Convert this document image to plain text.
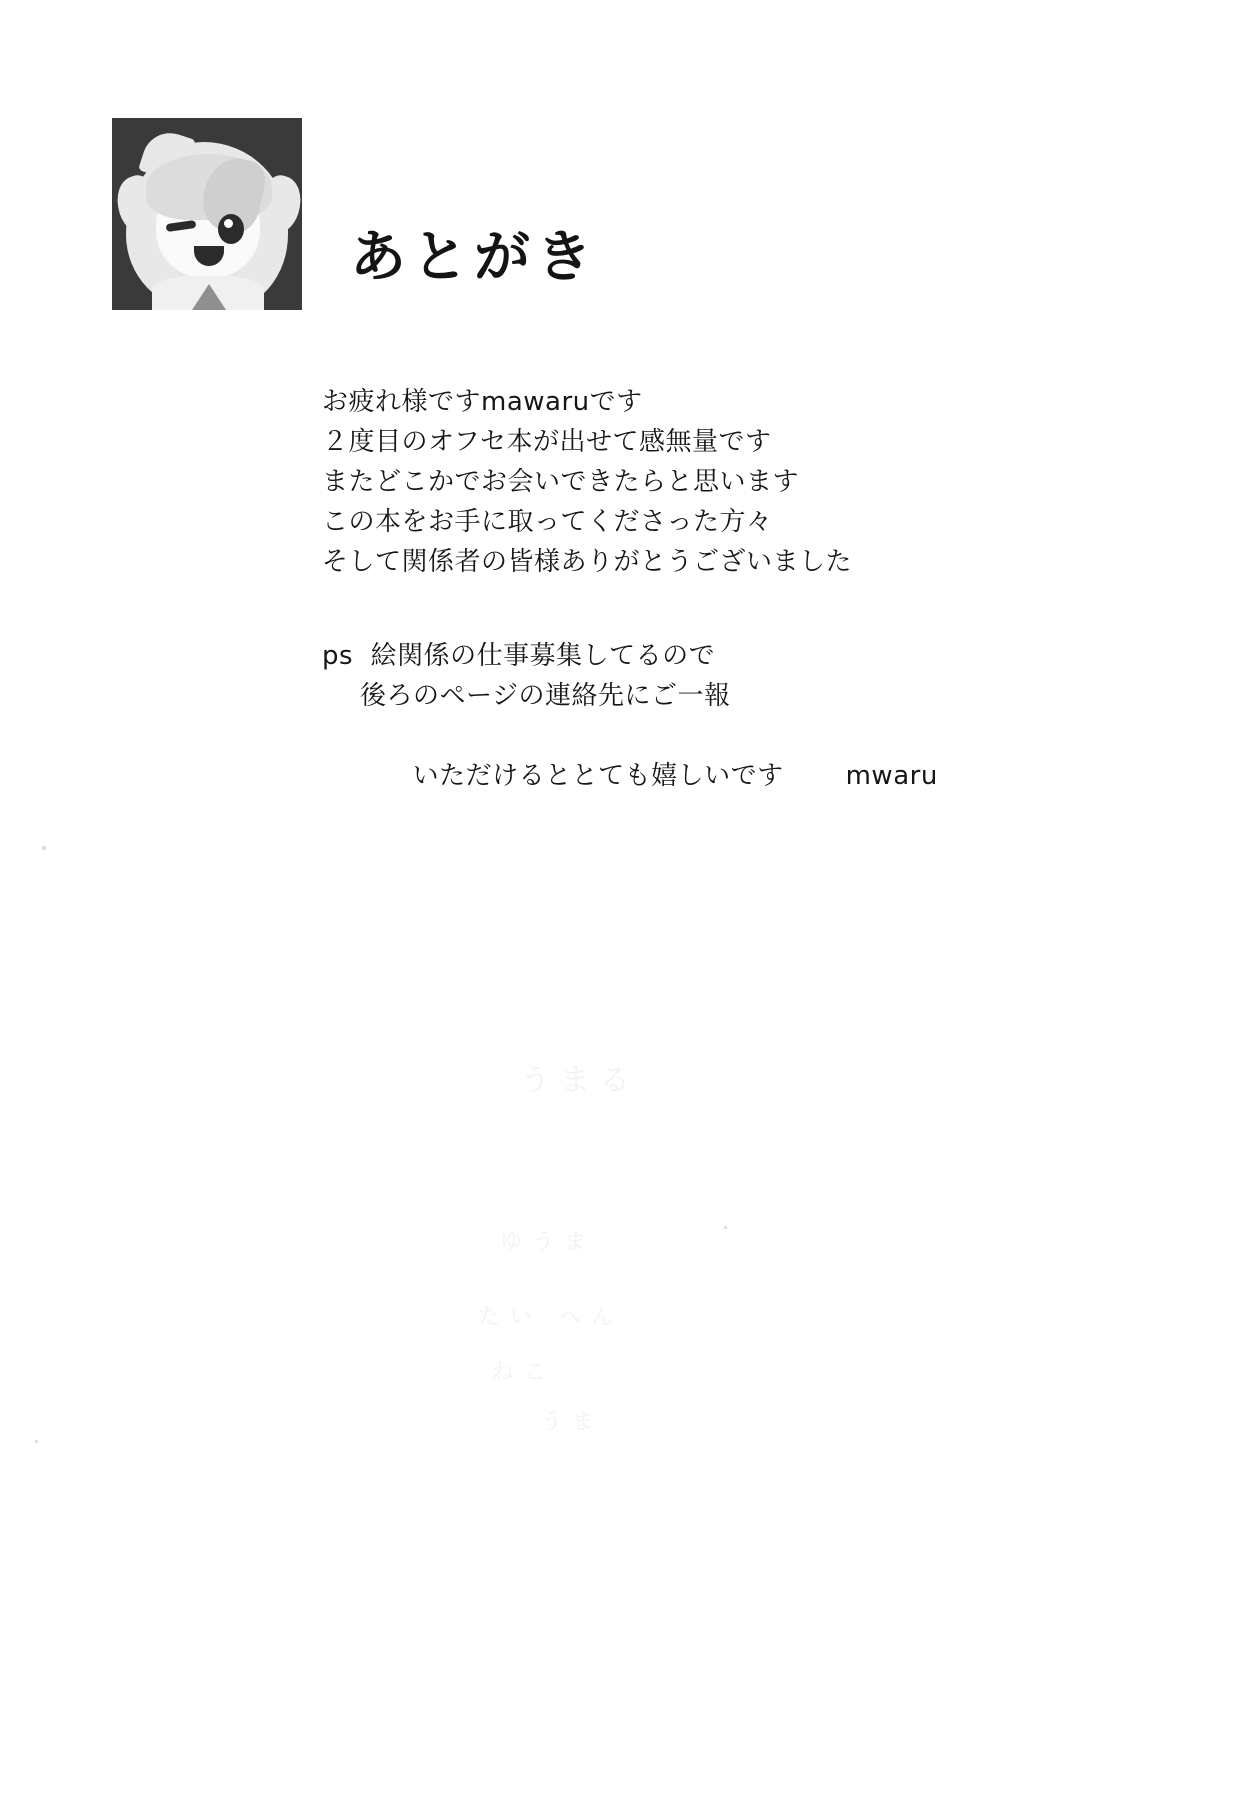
あとがき
お疲れ様ですmawaruです
２度目のオフセ本が出せて感無量です
またどこかでお会いできたらと思います
この本をお手に取ってくださった方々
そして関係者の皆様ありがとうございました
ps  絵関係の仕事募集してるので
後ろのページの連絡先にご一報

いただけるととても嬉しいです mwaru

うまる
ゆうま
たい へん
ねこ
うま
